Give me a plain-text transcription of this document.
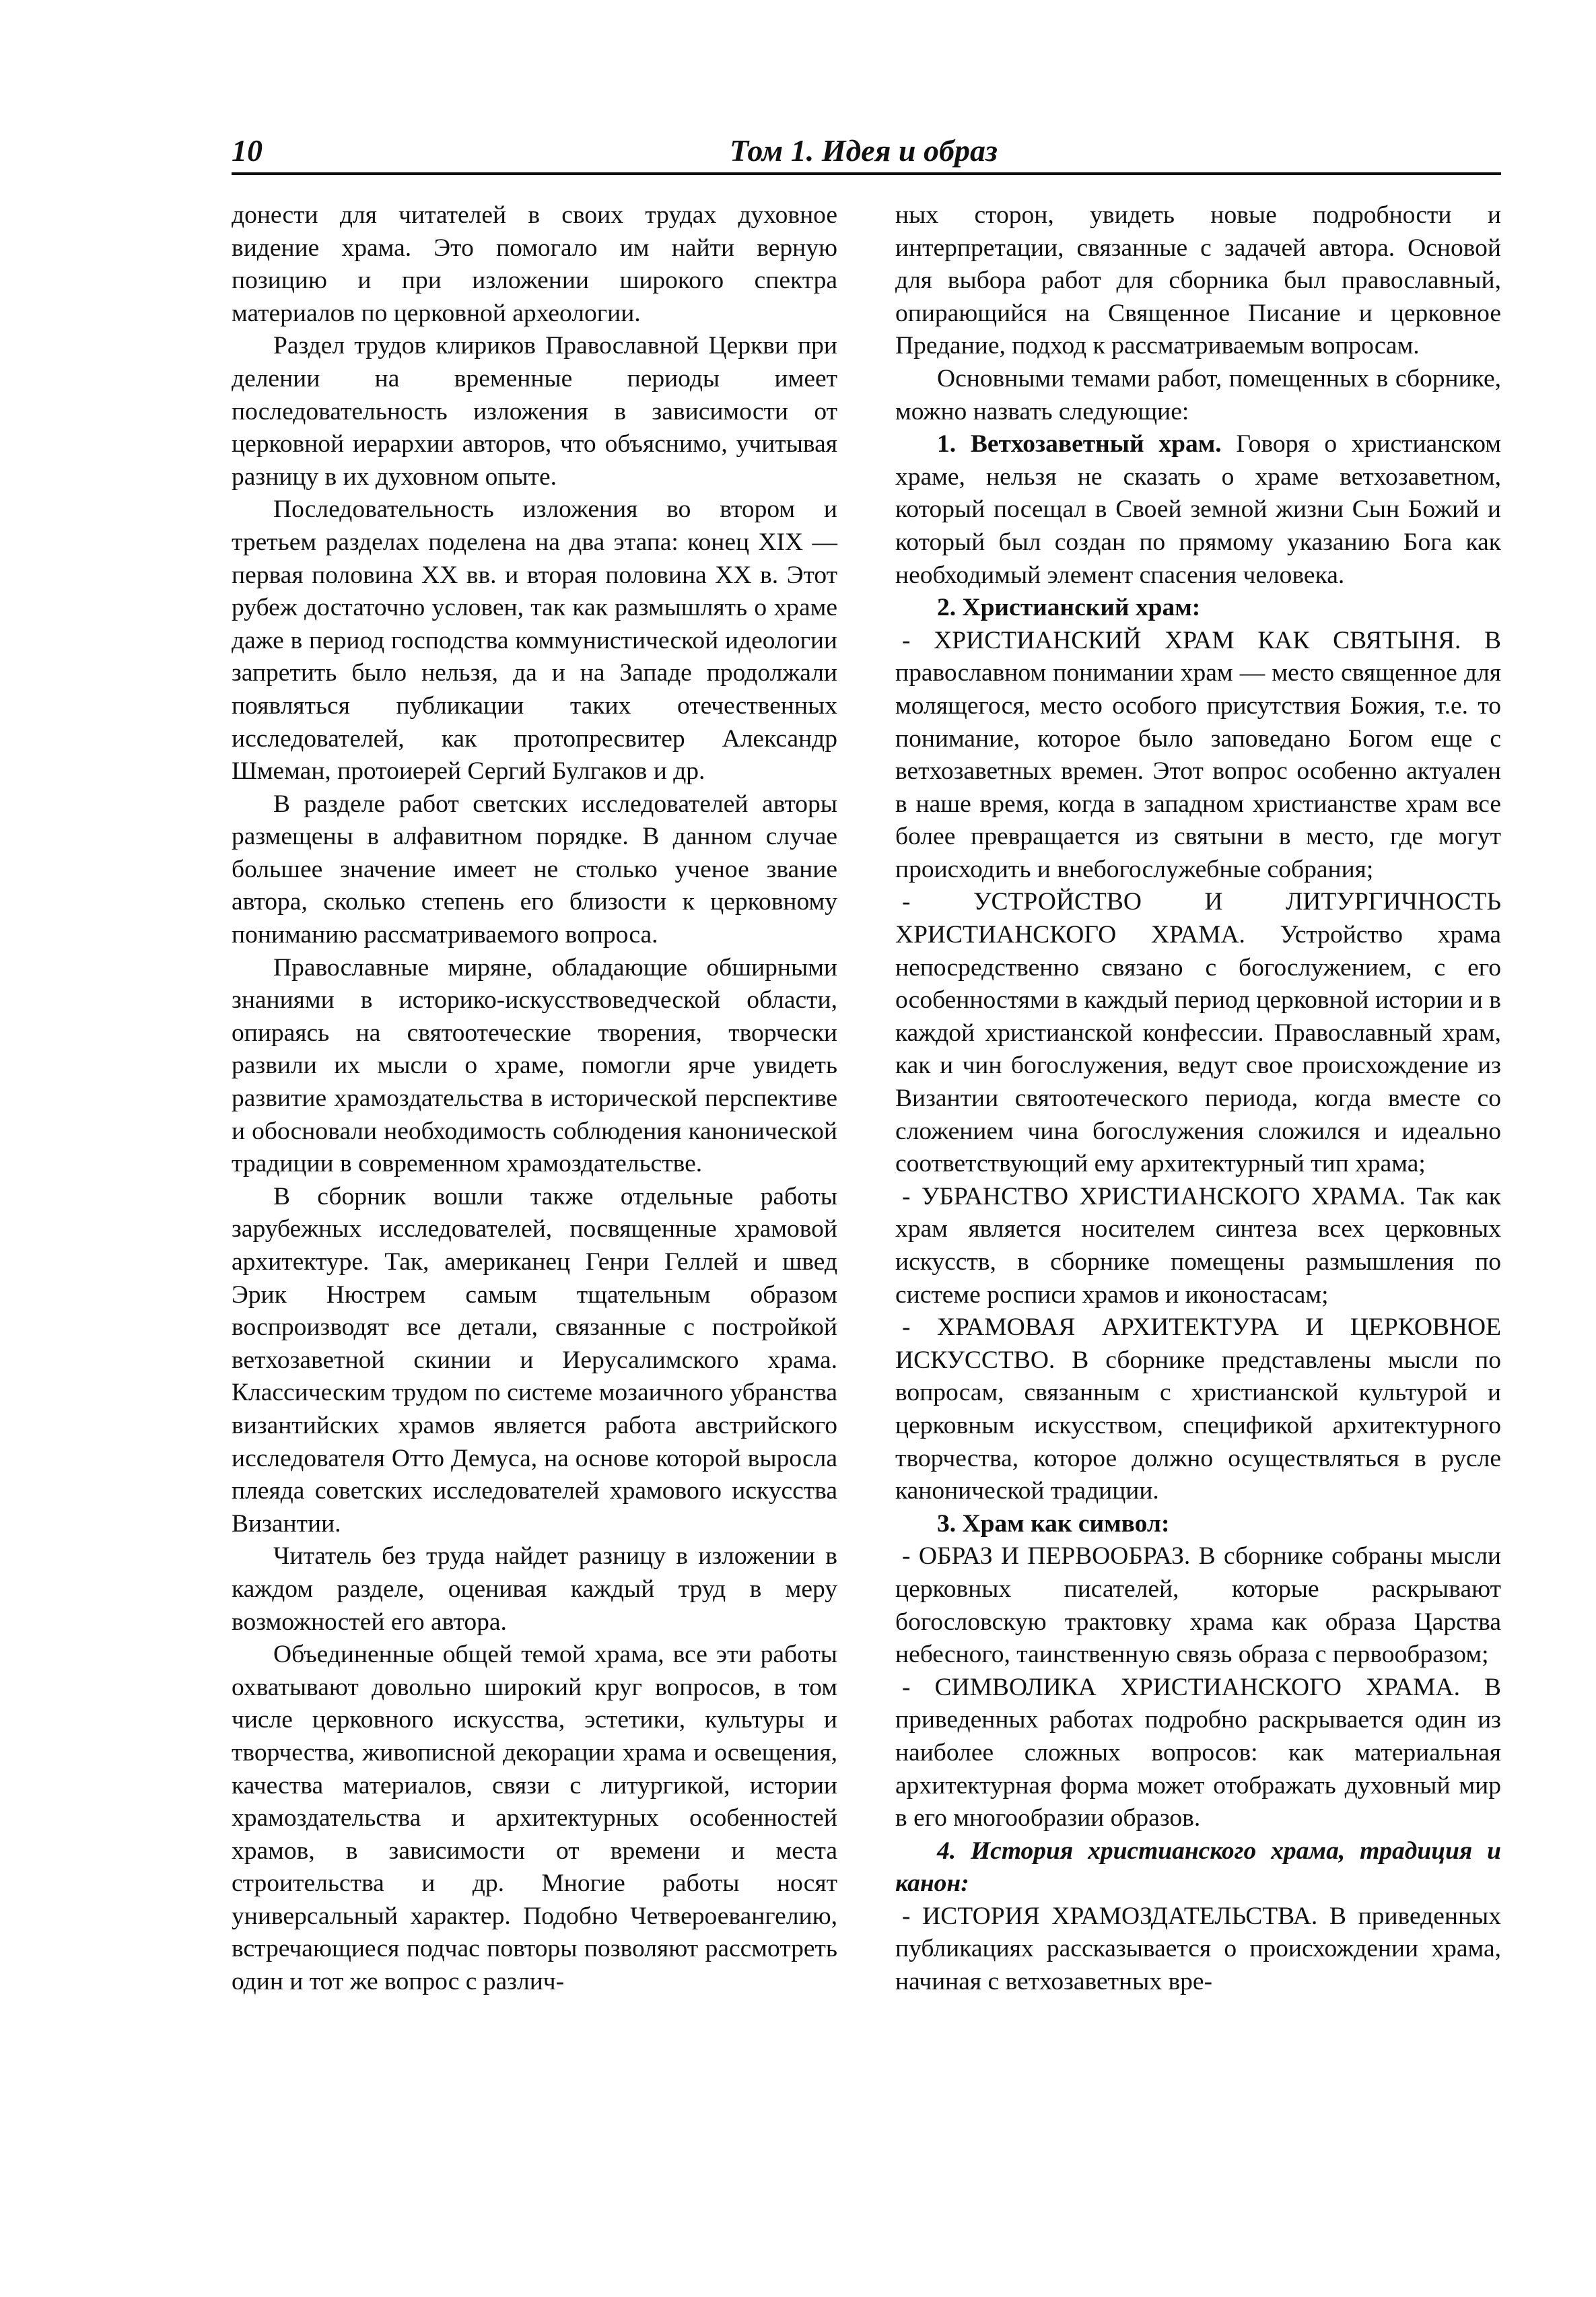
10	Том 1. Идея и образ

донести для читателей в своих трудах духовное видение храма. Это помогало им найти верную позицию и при изложении широкого спектра материалов по церковной археологии.

Раздел трудов клириков Православной Церкви при делении на временные периоды имеет последовательность изложения в зависимости от церковной иерархии авторов, что объяснимо, учитывая разницу в их духовном опыте.

Последовательность изложения во втором и третьем разделах поделена на два этапа: конец XIX — первая половина XX вв. и вторая половина XX в. Этот рубеж достаточно условен, так как размышлять о храме даже в период господства коммунистической идеологии запретить было нельзя, да и на Западе продолжали появляться публикации таких отечественных исследователей, как протопресвитер Александр Шмеман, протоиерей Сергий Булгаков и др.

В разделе работ светских исследователей авторы размещены в алфавитном порядке. В данном случае большее значение имеет не столько ученое звание автора, сколько степень его близости к церковному пониманию рассматриваемого вопроса.

Православные миряне, обладающие обширными знаниями в историко-искусствоведческой области, опираясь на святоотеческие творения, творчески развили их мысли о храме, помогли ярче увидеть развитие храмоздательства в исторической перспективе и обосновали необходимость соблюдения канонической традиции в современном храмоздательстве.

В сборник вошли также отдельные работы зарубежных исследователей, посвященные храмовой архитектуре. Так, американец Генри Геллей и швед Эрик Нюстрем самым тщательным образом воспроизводят все детали, связанные с постройкой ветхозаветной скинии и Иерусалимского храма. Классическим трудом по системе мозаичного убранства византийских храмов является работа австрийского исследователя Отто Демуса, на основе которой выросла плеяда советских исследователей храмового искусства Византии.

Читатель без труда найдет разницу в изложении в каждом разделе, оценивая каждый труд в меру возможностей его автора.

Объединенные общей темой храма, все эти работы охватывают довольно широкий круг вопросов, в том числе церковного искусства, эстетики, культуры и творчества, живописной декорации храма и освещения, качества материалов, связи с литургикой, истории храмоздательства и архитектурных особенностей храмов, в зависимости от времени и места строительства и др. Многие работы носят универсальный характер. Подобно Четвероевангелию, встречающиеся подчас повторы позволяют рассмотреть один и тот же вопрос с различ-

ных сторон, увидеть новые подробности и интерпретации, связанные с задачей автора. Основой для выбора работ для сборника был православный, опирающийся на Священное Писание и церковное Предание, подход к рассматриваемым вопросам.

Основными темами работ, помещенных в сборнике, можно назвать следующие:

1. Ветхозаветный храм. Говоря о христианском храме, нельзя не сказать о храме ветхозаветном, который посещал в Своей земной жизни Сын Божий и который был создан по прямому указанию Бога как необходимый элемент спасения человека.

2. Христианский храм:

- ХРИСТИАНСКИЙ ХРАМ КАК СВЯТЫНЯ. В православном понимании храм — место священное для молящегося, место особого присутствия Божия, т.е. то понимание, которое было заповедано Богом еще с ветхозаветных времен. Этот вопрос особенно актуален в наше время, когда в западном христианстве храм все более превращается из святыни в место, где могут происходить и внебогослужебные собрания;

- УСТРОЙСТВО И ЛИТУРГИЧНОСТЬ ХРИСТИАНСКОГО ХРАМА. Устройство храма непосредственно связано с богослужением, с его особенностями в каждый период церковной истории и в каждой христианской конфессии. Православный храм, как и чин богослужения, ведут свое происхождение из Византии святоотеческого периода, когда вместе со сложением чина богослужения сложился и идеально соответствующий ему архитектурный тип храма;

- УБРАНСТВО ХРИСТИАНСКОГО ХРАМА. Так как храм является носителем синтеза всех церковных искусств, в сборнике помещены размышления по системе росписи храмов и иконостасам;

- ХРАМОВАЯ АРХИТЕКТУРА И ЦЕРКОВНОЕ ИСКУССТВО. В сборнике представлены мысли по вопросам, связанным с христианской культурой и церковным искусством, спецификой архитектурного творчества, которое должно осуществляться в русле канонической традиции.

3. Храм как символ:

- ОБРАЗ И ПЕРВООБРАЗ. В сборнике собраны мысли церковных писателей, которые раскрывают богословскую трактовку храма как образа Царства небесного, таинственную связь образа с первообразом;

- СИМВОЛИКА ХРИСТИАНСКОГО ХРАМА. В приведенных работах подробно раскрывается один из наиболее сложных вопросов: как материальная архитектурная форма может отображать духовный мир в его многообразии образов.

4. История христианского храма, традиция и канон:

- ИСТОРИЯ ХРАМОЗДАТЕЛЬСТВА. В приведенных публикациях рассказывается о происхождении храма, начиная с ветхозаветных вре-
